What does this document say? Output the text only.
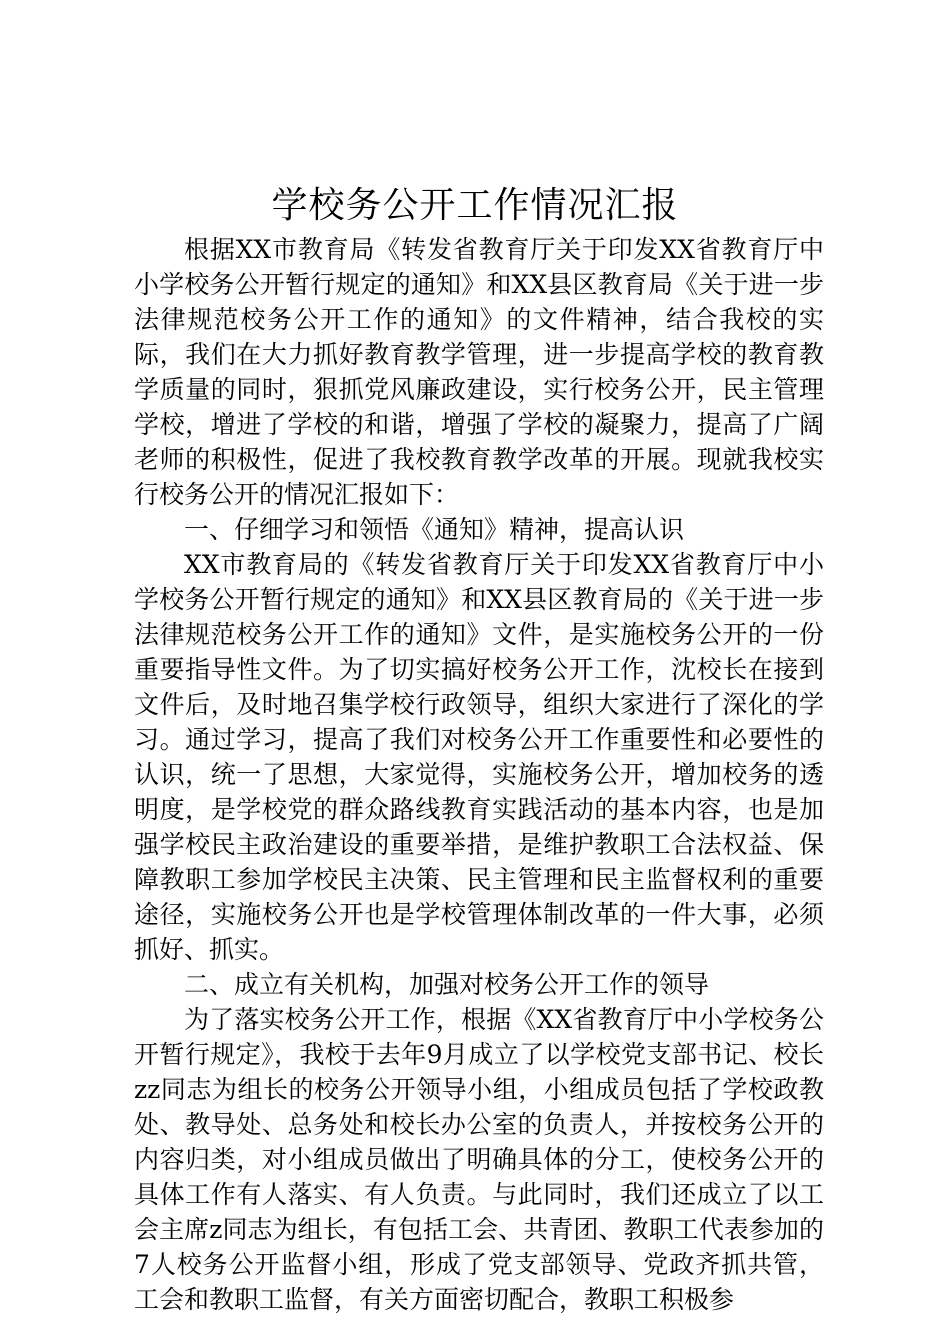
学校务公开工作情况汇报

根据XX市教育局《转发省教育厅关于印发XX省教育厅中小学校务公开暂行规定的通知》和XX县区教育局《关于进一步法律规范校务公开工作的通知》的文件精神，结合我校的实际，我们在大力抓好教育教学管理，进一步提高学校的教育教学质量的同时，狠抓党风廉政建设，实行校务公开，民主管理学校，增进了学校的和谐，增强了学校的凝聚力，提高了广阔老师的积极性，促进了我校教育教学改革的开展。现就我校实行校务公开的情况汇报如下：

一、仔细学习和领悟《通知》精神，提高认识

XX市教育局的《转发省教育厅关于印发XX省教育厅中小学校务公开暂行规定的通知》和XX县区教育局的《关于进一步法律规范校务公开工作的通知》文件，是实施校务公开的一份重要指导性文件。为了切实搞好校务公开工作，沈校长在接到文件后，及时地召集学校行政领导，组织大家进行了深化的学习。通过学习，提高了我们对校务公开工作重要性和必要性的认识，统一了思想，大家觉得，实施校务公开，增加校务的透明度，是学校党的群众路线教育实践活动的基本内容，也是加强学校民主政治建设的重要举措，是维护教职工合法权益、保障教职工参加学校民主决策、民主管理和民主监督权利的重要途径，实施校务公开也是学校管理体制改革的一件大事，必须抓好、抓实。

二、成立有关机构，加强对校务公开工作的领导

为了落实校务公开工作，根据《XX省教育厅中小学校务公开暂行规定》，我校于去年9月成立了以学校党支部书记、校长zz同志为组长的校务公开领导小组，小组成员包括了学校政教处、教导处、总务处和校长办公室的负责人，并按校务公开的内容归类，对小组成员做出了明确具体的分工，使校务公开的具体工作有人落实、有人负责。与此同时，我们还成立了以工会主席z同志为组长，有包括工会、共青团、教职工代表参加的7人校务公开监督小组，形成了党支部领导、党政齐抓共管，工会和教职工监督，有关方面密切配合，教职工积极参
